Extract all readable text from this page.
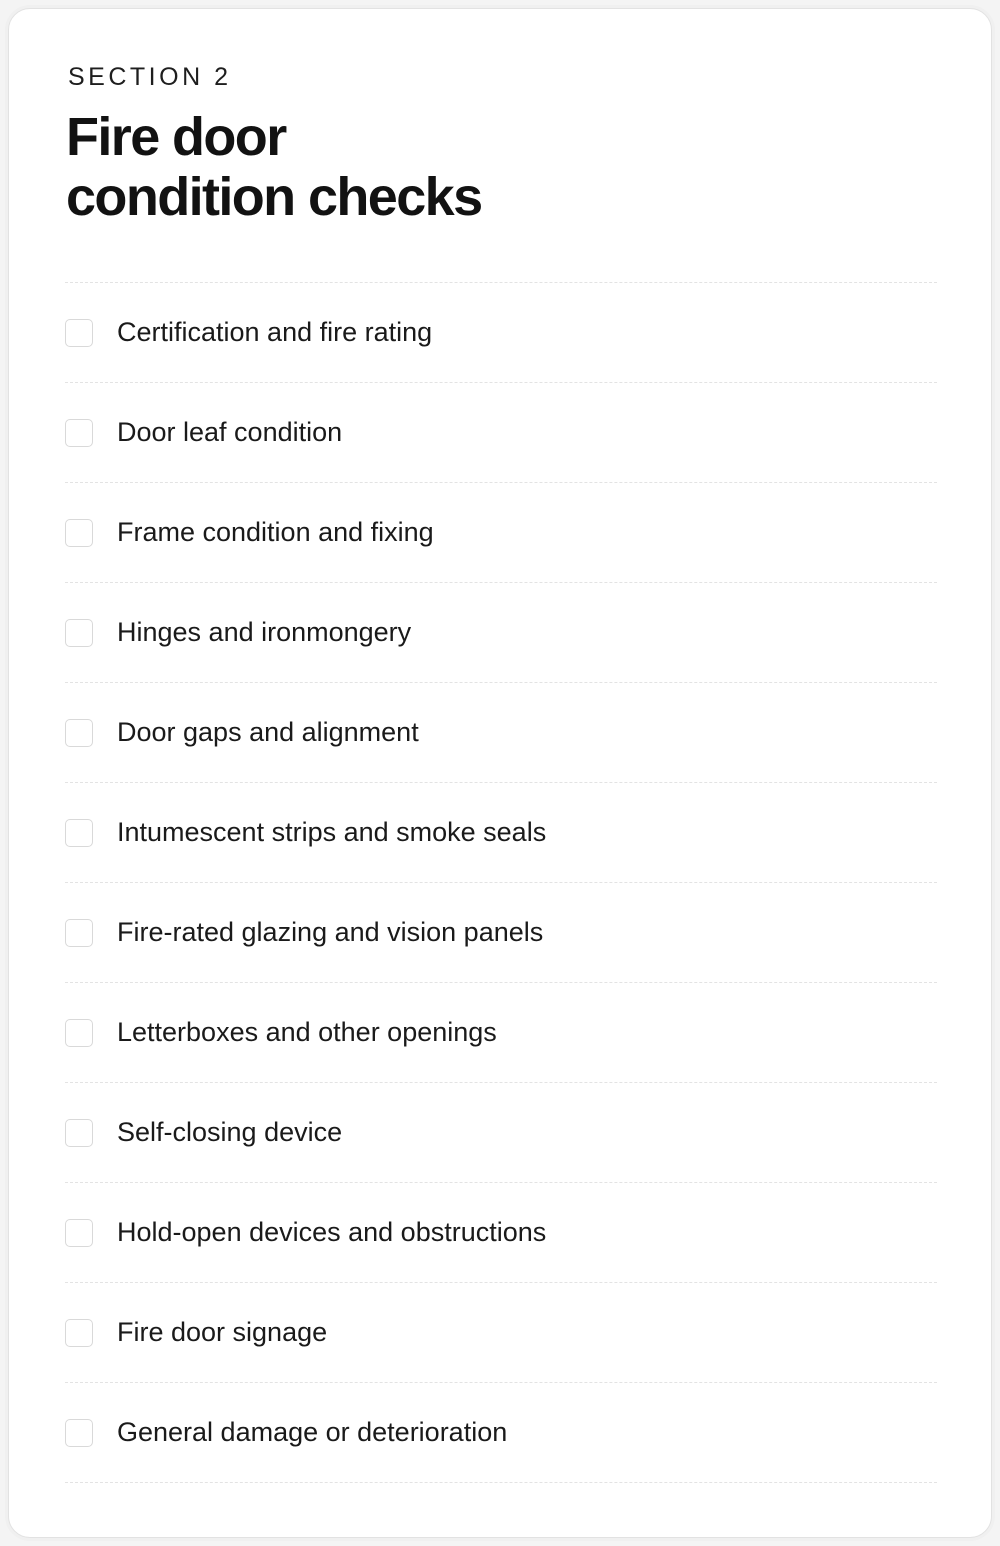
SECTION 2
Fire door
condition checks
Certification and fire rating
Door leaf condition
Frame condition and fixing
Hinges and ironmongery
Door gaps and alignment
Intumescent strips and smoke seals
Fire-rated glazing and vision panels
Letterboxes and other openings
Self-closing device
Hold-open devices and obstructions
Fire door signage
General damage or deterioration
